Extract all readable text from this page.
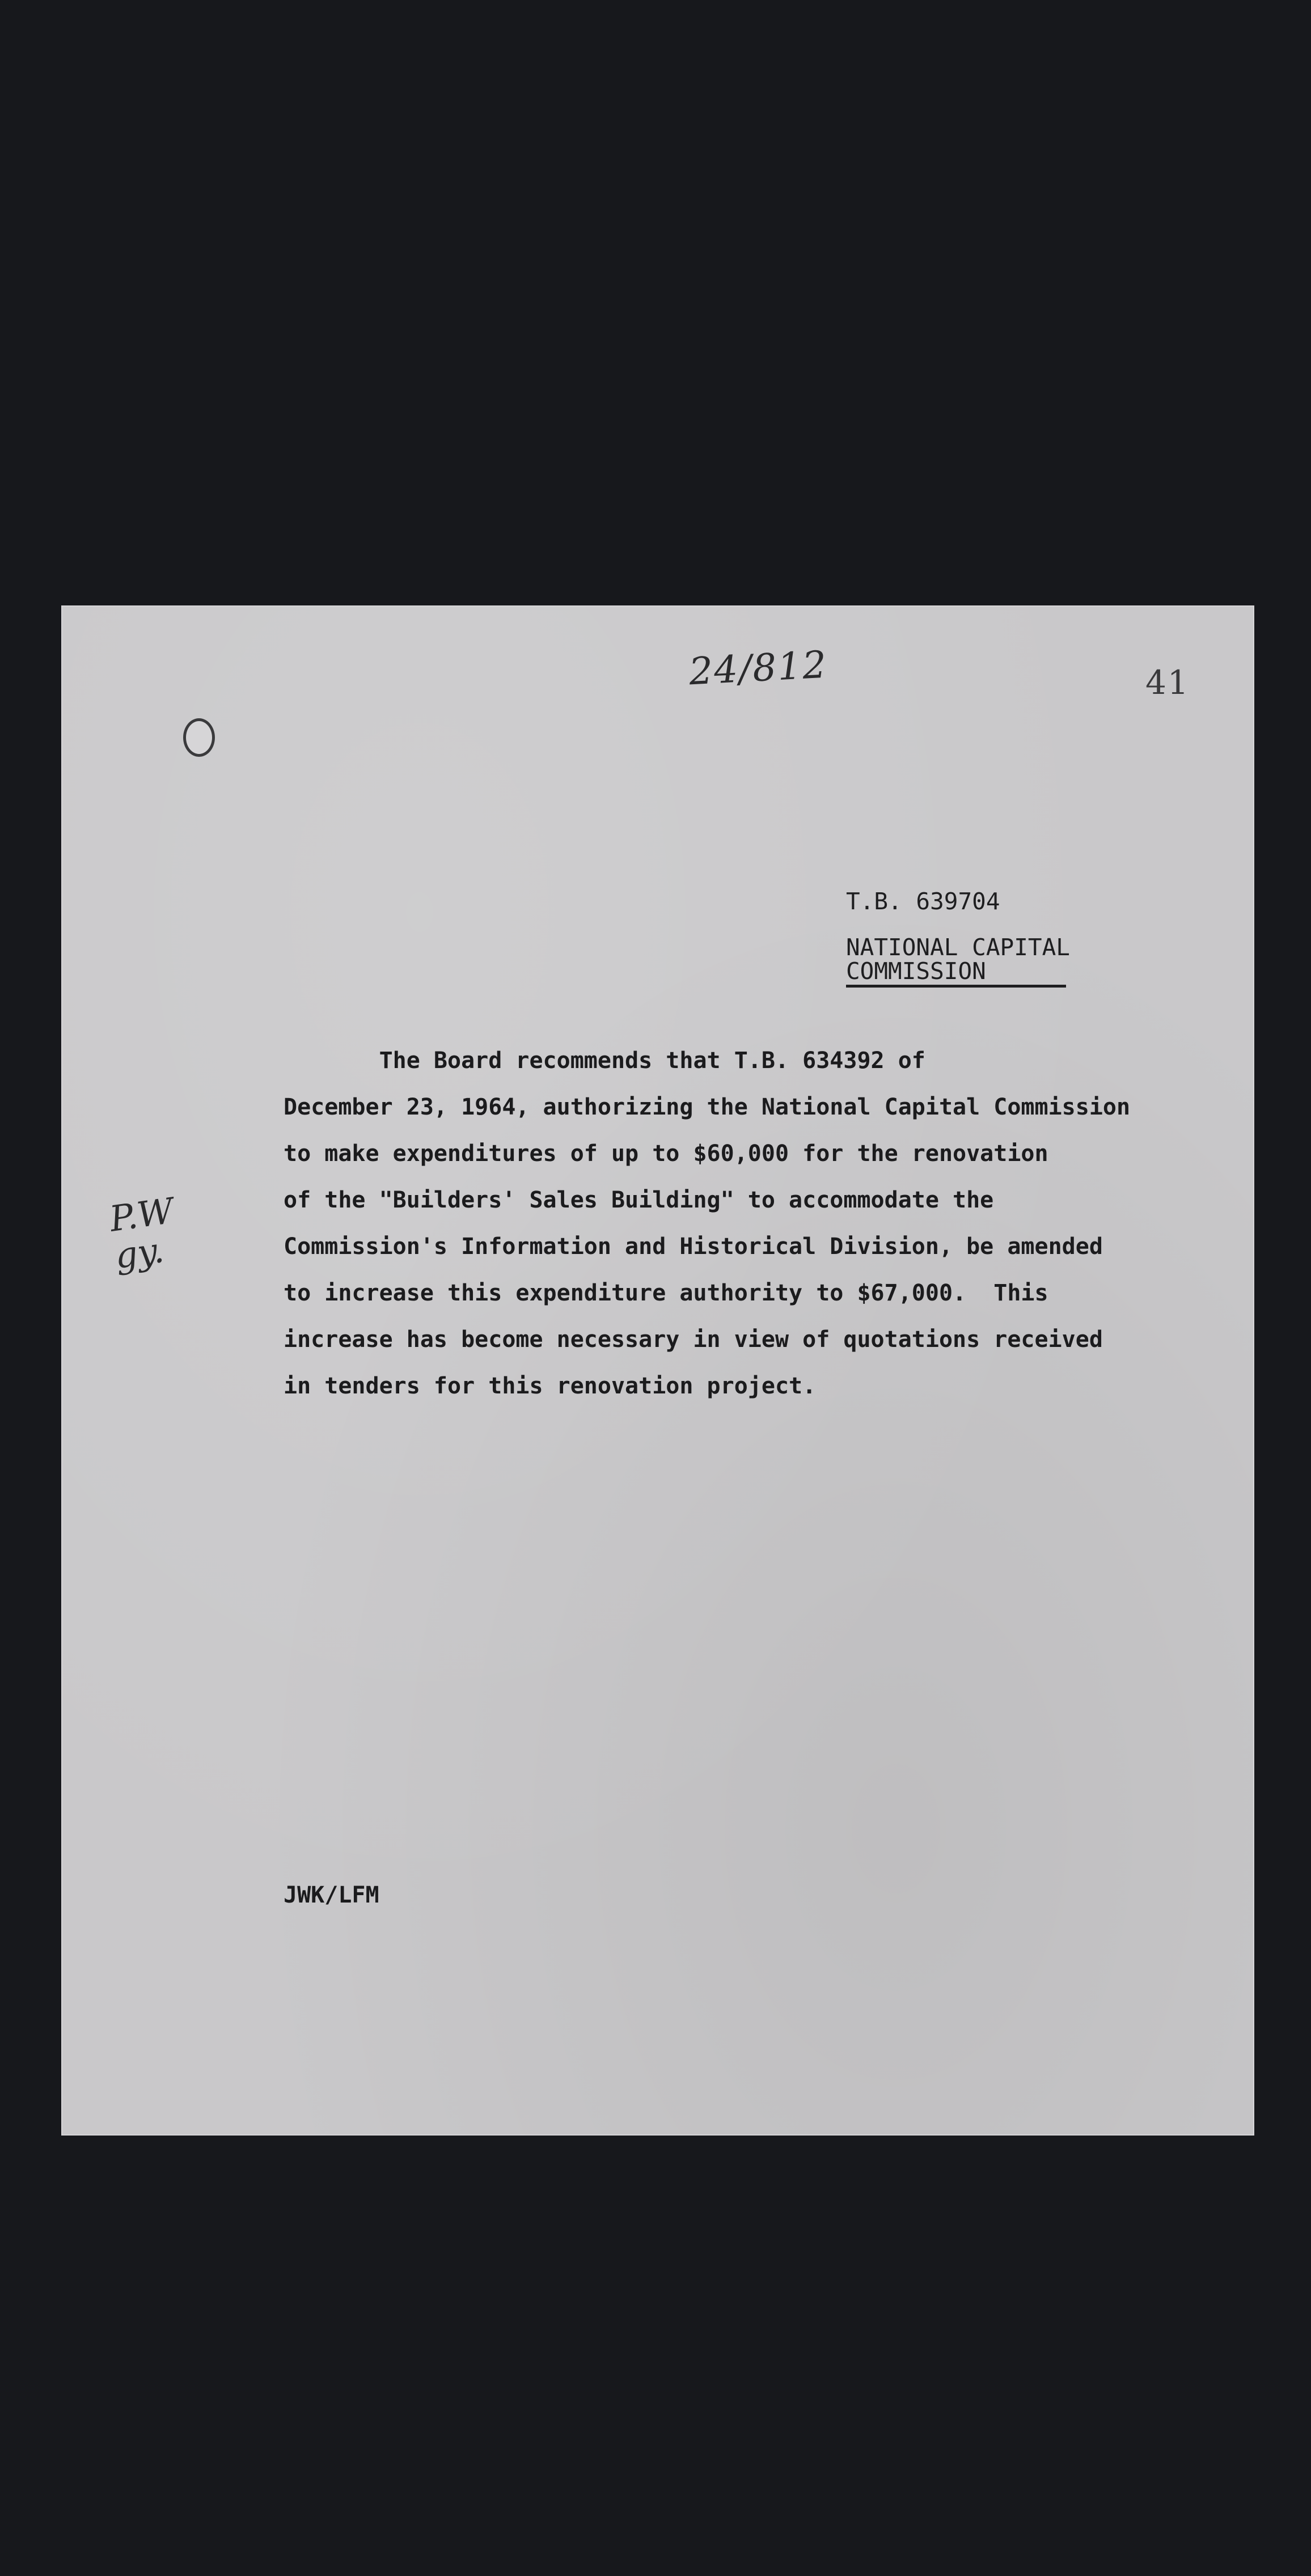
24/812	41

P.W
gy.

T.B. 639704

NATIONAL CAPITAL

COMMISSION

The Board recommends that T.B. 634392 of

December 23, 1964, authorizing the National Capital Commission

to make expenditures of up to $60,000 for the renovation

of the "Builders' Sales Building" to accommodate the

Commission's Information and Historical Division, be amended

to increase this expenditure authority to $67,000.  This

increase has become necessary in view of quotations received

in tenders for this renovation project.

JWK/LFM
